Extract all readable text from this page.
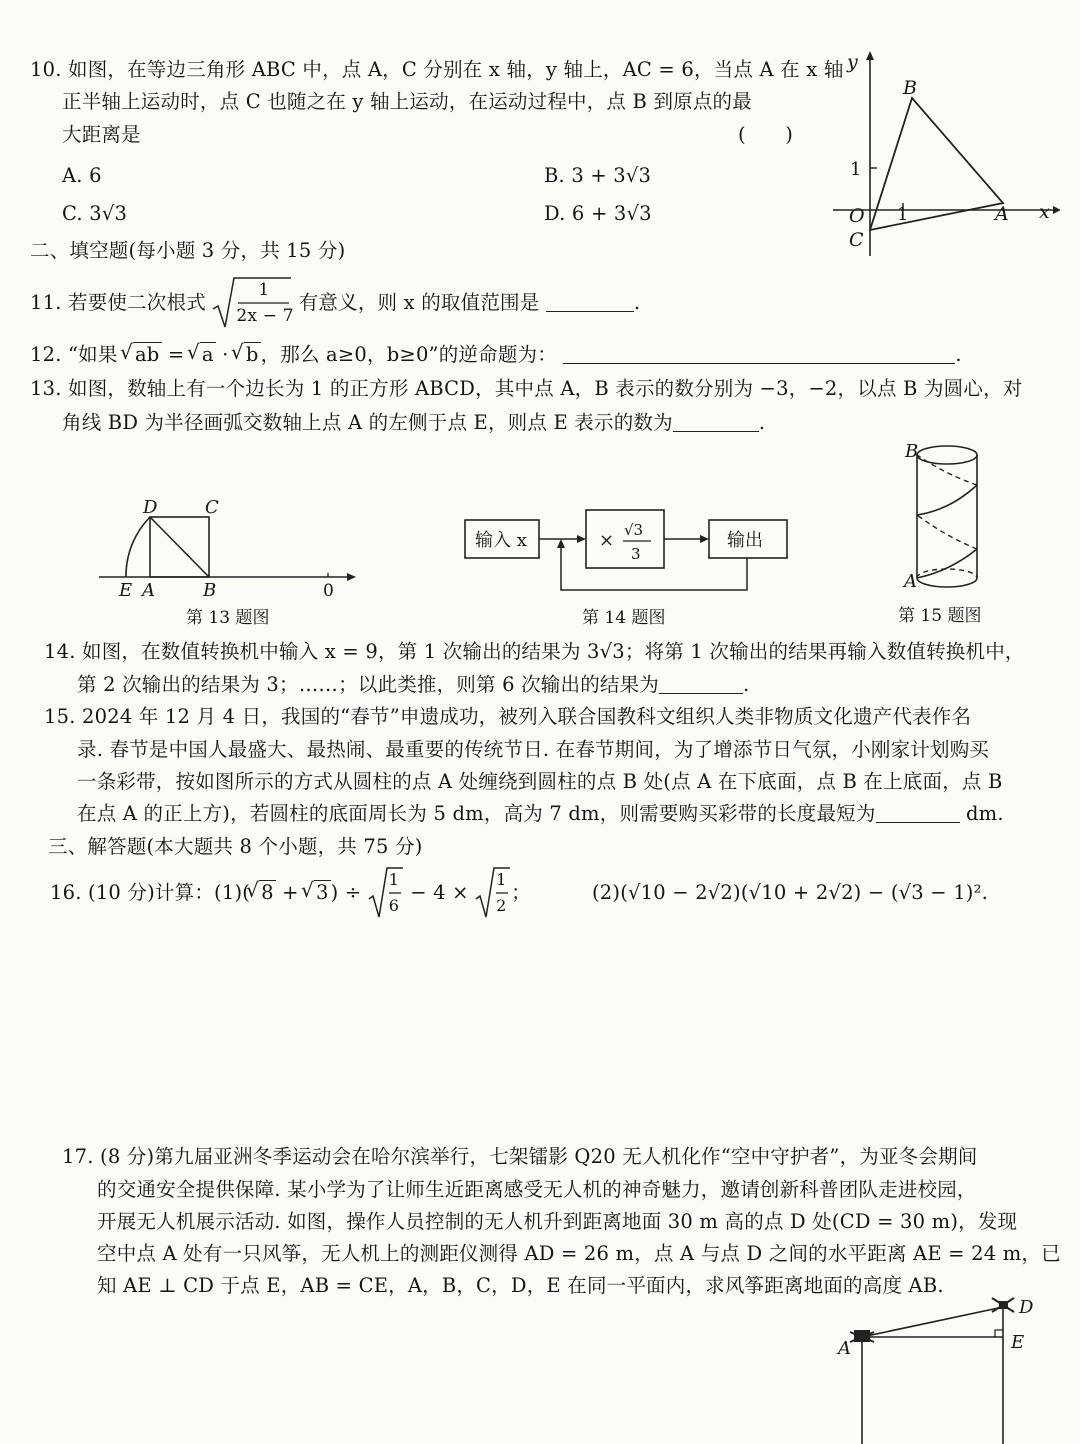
10. 如图，在等边三角形 ABC 中，点 A，C 分别在 x 轴，y 轴上，AC = 6，当点 A 在 x 轴
正半轴上运动时，点 C 也随之在 y 轴上运动，在运动过程中，点 B 到原点的最
大距离是	(　　)
A. 6	B. 3 + 3√3
C. 3√3	D. 6 + 3√3
y
x
B
1
O 1	A
C
二、填空题(每小题 3 分，共 15 分)
11. 若要使二次根式
1
2x − 7
有意义，则 x 的取值范围是	.
12. “如果 √ ab = √ a · √ b ，那么 a≥0，b≥0”的逆命题为：	.
13. 如图，数轴上有一个边长为 1 的正方形 ABCD，其中点 A，B 表示的数分别为 −3，−2，以点 B 为圆心，对
角线 BD 为半径画弧交数轴上点 A 的左侧于点 E，则点 E 表示的数为	.
D	C
E A	B	0
第 13 题图
输入 x	× √3
3
输出
第 14 题图
B
A
第 15 题图
14. 如图，在数值转换机中输入 x = 9，第 1 次输出的结果为 3√3；将第 1 次输出的结果再输入数值转换机中，
第 2 次输出的结果为 3；……；以此类推，则第 6 次输出的结果为	.
15. 2024 年 12 月 4 日，我国的“春节”申遗成功，被列入联合国教科文组织人类非物质文化遗产代表作名
录. 春节是中国人最盛大、最热闹、最重要的传统节日. 在春节期间，为了增添节日气氛，小刚家计划购买
一条彩带，按如图所示的方式从圆柱的点 A 处缠绕到圆柱的点 B 处(点 A 在下底面，点 B 在上底面，点 B
在点 A 的正上方)，若圆柱的底面周长为 5 dm，高为 7 dm，则需要购买彩带的长度最短为	dm.
三、解答题(本大题共 8 个小题，共 75 分)
16. (10 分)计算：(1)(√ 8 + √ 3 ) ÷
1
6
− 4 ×
1
2
；	(2)(√10 − 2√2)(√10 + 2√2) − (√3 − 1)².
17. (8 分)第九届亚洲冬季运动会在哈尔滨举行，七架镭影 Q20 无人机化作“空中守护者”，为亚冬会期间
的交通安全提供保障. 某小学为了让师生近距离感受无人机的神奇魅力，邀请创新科普团队走进校园，
开展无人机展示活动. 如图，操作人员控制的无人机升到距离地面 30 m 高的点 D 处(CD = 30 m)，发现
空中点 A 处有一只风筝，无人机上的测距仪测得 AD = 26 m，点 A 与点 D 之间的水平距离 AE = 24 m，已
知 AE ⊥ CD 于点 E，AB = CE，A，B，C，D，E 在同一平面内，求风筝距离地面的高度 AB.
D
A	E
